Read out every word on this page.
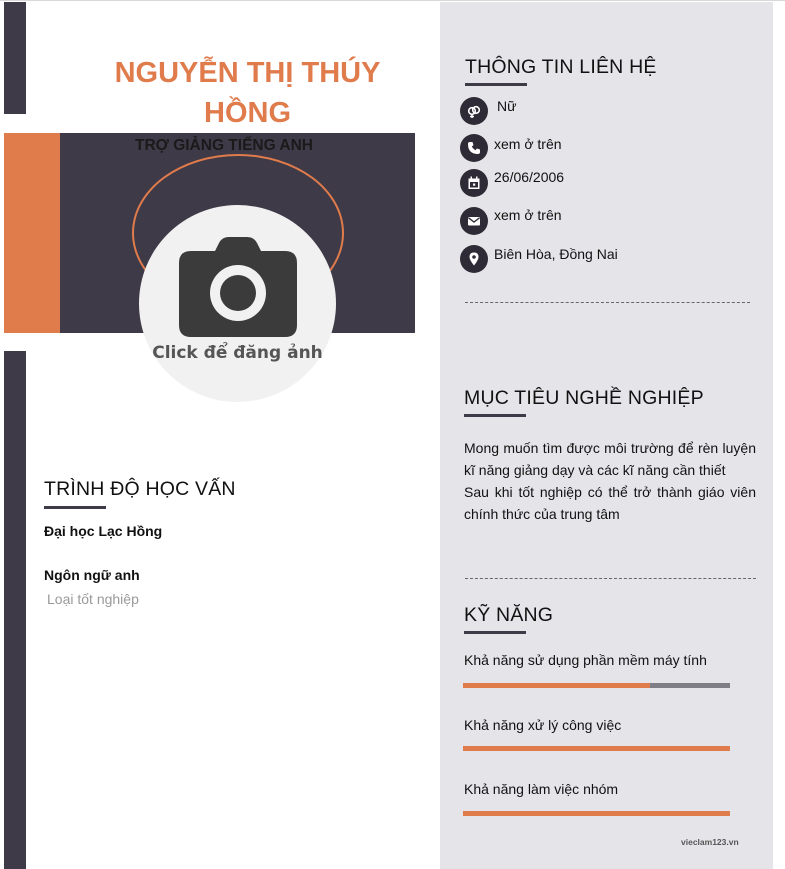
NGUYỄN THỊ THÚY HỒNG
TRỢ GIẢNG TIẾNG ANH
Click để đăng ảnh
TRÌNH ĐỘ HỌC VẤN
Đại học Lạc Hồng
Ngôn ngữ anh
Loại tốt nghiệp
THÔNG TIN LIÊN HỆ
Nữ
xem ở trên
26/06/2006
xem ở trên
Biên Hòa, Đồng Nai
MỤC TIÊU NGHỀ NGHIỆP

Mong muốn tìm được môi trường để rèn luyện kĩ năng giảng dạy và các kĩ năng cần thiết

Sau khi tốt nghiệp có thể trở thành giáo viên chính thức của trung tâm

KỸ NĂNG
Khả năng sử dụng phần mềm máy tính
Khả năng xử lý công việc
Khả năng làm việc nhóm
vieclam123.vn
